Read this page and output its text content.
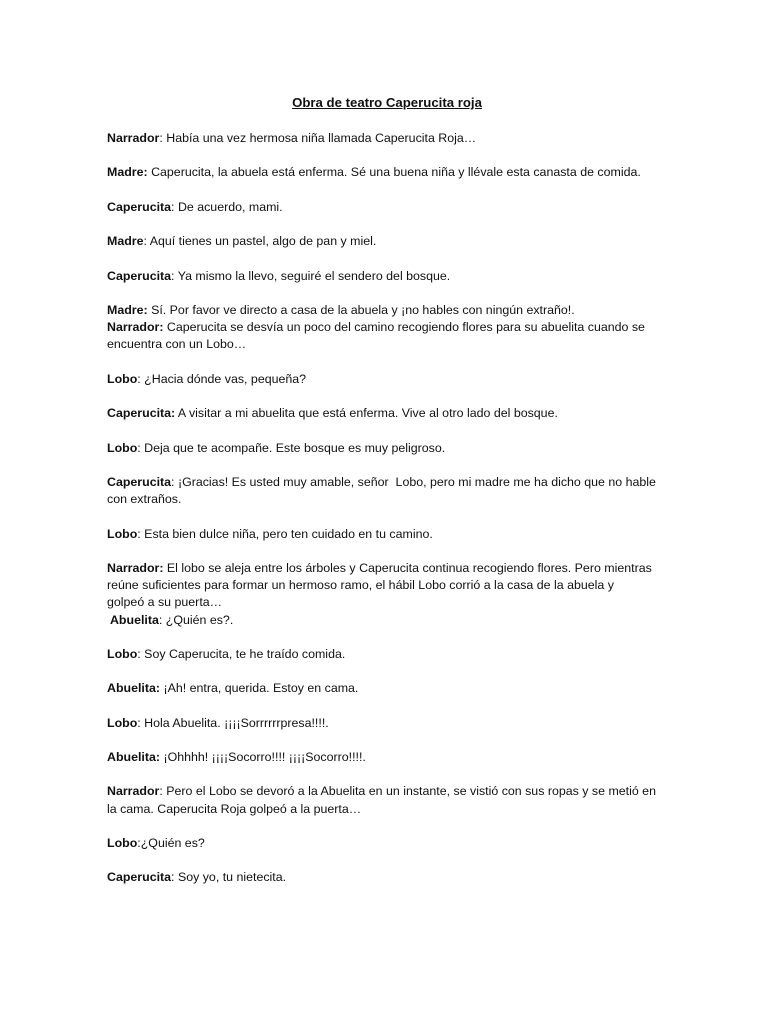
Obra de teatro Caperucita roja
Narrador: Había una vez hermosa niña llamada Caperucita Roja…
Madre: Caperucita, la abuela está enferma. Sé una buena niña y llévale esta canasta de comida.
Caperucita: De acuerdo, mami.
Madre: Aquí tienes un pastel, algo de pan y miel.
Caperucita: Ya mismo la llevo, seguiré el sendero del bosque.
Madre: Sí. Por favor ve directo a casa de la abuela y ¡no hables con ningún extraño!.
Narrador: Caperucita se desvía un poco del camino recogiendo flores para su abuelita cuando se
encuentra con un Lobo…
Lobo: ¿Hacia dónde vas, pequeña?
Caperucita: A visitar a mi abuelita que está enferma. Vive al otro lado del bosque.
Lobo: Deja que te acompañe. Este bosque es muy peligroso.
Caperucita: ¡Gracias! Es usted muy amable, señor  Lobo, pero mi madre me ha dicho que no hable
con extraños.
Lobo: Esta bien dulce niña, pero ten cuidado en tu camino.
Narrador: El lobo se aleja entre los árboles y Caperucita continua recogiendo flores. Pero mientras
reúne suficientes para formar un hermoso ramo, el hábil Lobo corrió a la casa de la abuela y
golpeó a su puerta…
Abuelita: ¿Quién es?.
Lobo: Soy Caperucita, te he traído comida.
Abuelita: ¡Ah! entra, querida. Estoy en cama.
Lobo: Hola Abuelita. ¡¡¡¡Sorrrrrrpresa!!!!.
Abuelita: ¡Ohhhh! ¡¡¡¡Socorro!!!! ¡¡¡¡Socorro!!!!.
Narrador: Pero el Lobo se devoró a la Abuelita en un instante, se vistió con sus ropas y se metió en
la cama. Caperucita Roja golpeó a la puerta…
Lobo:¿Quién es?
Caperucita: Soy yo, tu nietecita.
